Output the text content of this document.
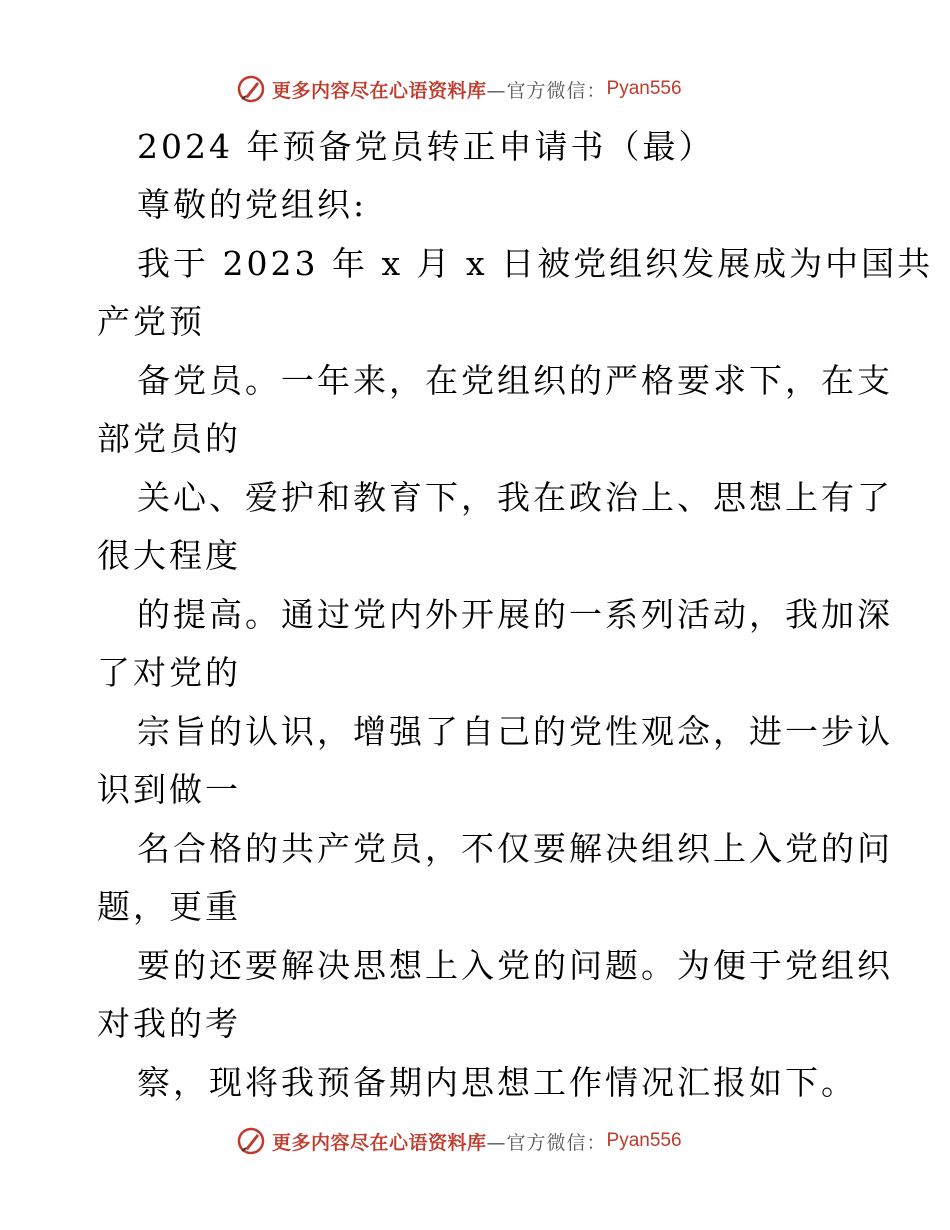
更多内容尽在心语资料库 —官方微信： Pyan556
2024 年预备党员转正申请书（最）
尊敬的党组织:
我于 2023 年 x 月 x 日被党组织发展成为中国共
产党预
备党员。一年来，在党组织的严格要求下，在支
部党员的
关心、爱护和教育下，我在政治上、思想上有了
很大程度
的提高。通过党内外开展的一系列活动，我加深
了对党的
宗旨的认识，增强了自己的党性观念，进一步认
识到做一
名合格的共产党员，不仅要解决组织上入党的问
题，更重
要的还要解决思想上入党的问题。为便于党组织
对我的考
察，现将我预备期内思想工作情况汇报如下。
更多内容尽在心语资料库 —官方微信： Pyan556
